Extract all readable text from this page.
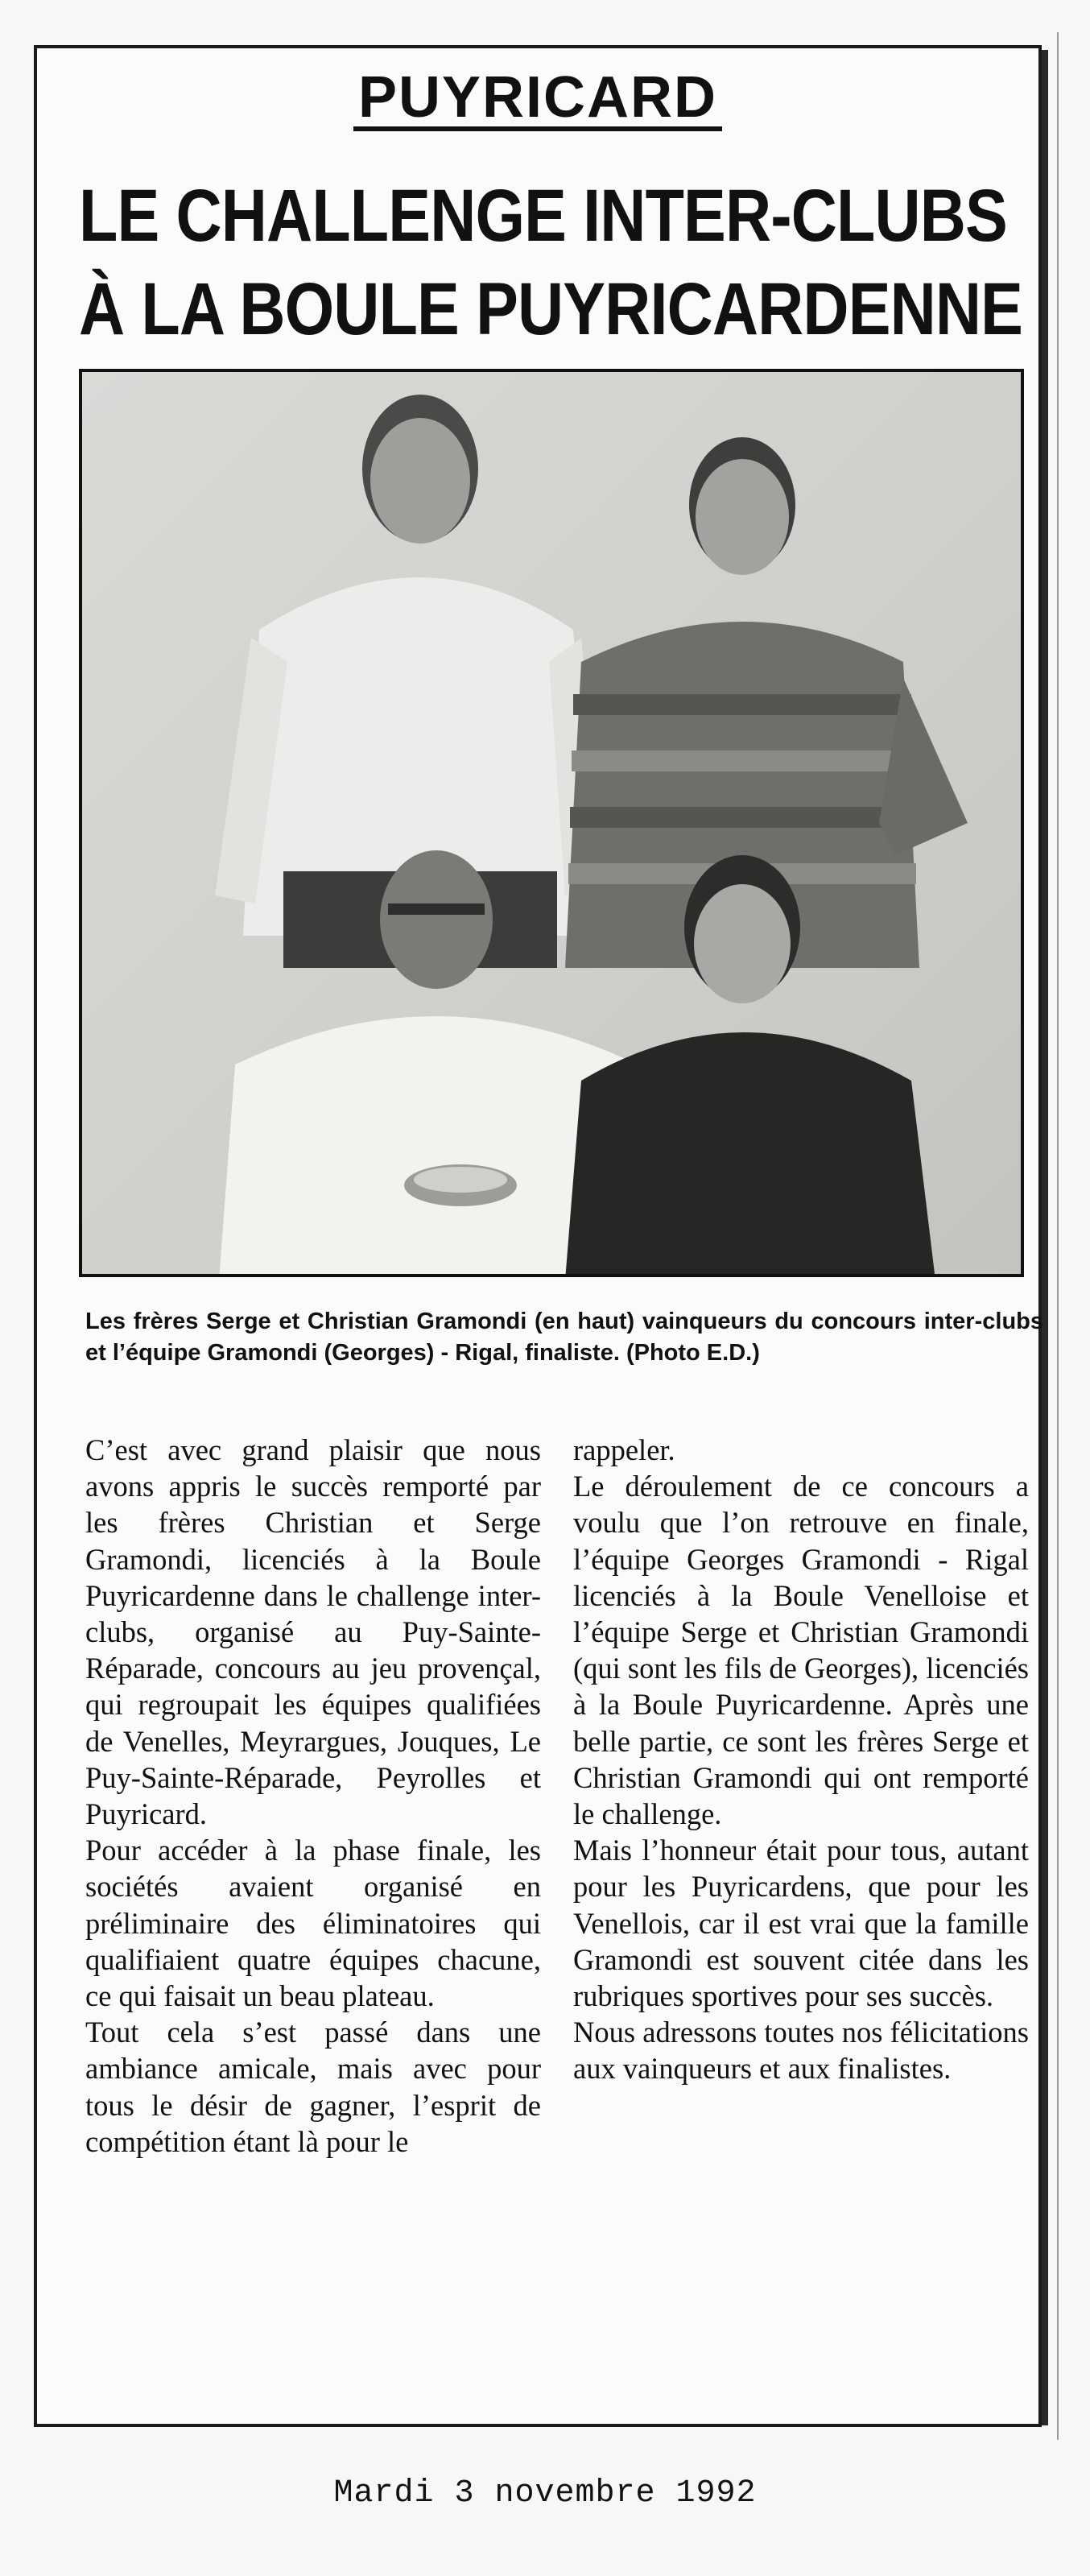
PUYRICARD
LE CHALLENGE INTER-CLUBS
À LA BOULE PUYRICARDENNE
Les frères Serge et Christian Gramondi (en haut) vainqueurs du concours inter-clubs et l’équipe Gramondi (Georges) - Rigal, finaliste. (Photo E.D.)

C’est avec grand plaisir que nous avons appris le succès remporté par les frères Christian et Serge Gramondi, licenciés à la Boule Puyricardenne dans le challenge inter-clubs, organisé au Puy-Sainte-Réparade, concours au jeu provençal, qui regroupait les équipes qualifiées de Venelles, Meyrargues, Jouques, Le Puy-Sainte-Réparade, Peyrolles et Puyricard.

Pour accéder à la phase finale, les sociétés avaient organisé en préliminaire des éliminatoires qui qualifiaient quatre équipes chacune, ce qui faisait un beau plateau.

Tout cela s’est passé dans une ambiance amicale, mais avec pour tous le désir de gagner, l’esprit de compétition étant là pour le

rappeler.

Le déroulement de ce concours a voulu que l’on retrouve en finale, l’équipe Georges Gramondi - Rigal licenciés à la Boule Venelloise et l’équipe Serge et Christian Gramondi (qui sont les fils de Georges), licenciés à la Boule Puyricardenne. Après une belle partie, ce sont les frères Serge et Christian Gramondi qui ont remporté le challenge.

Mais l’honneur était pour tous, autant pour les Puyricardens, que pour les Venellois, car il est vrai que la famille Gramondi est souvent citée dans les rubriques sportives pour ses succès.

Nous adressons toutes nos félicitations aux vainqueurs et aux finalistes.

Mardi 3 novembre 1992
